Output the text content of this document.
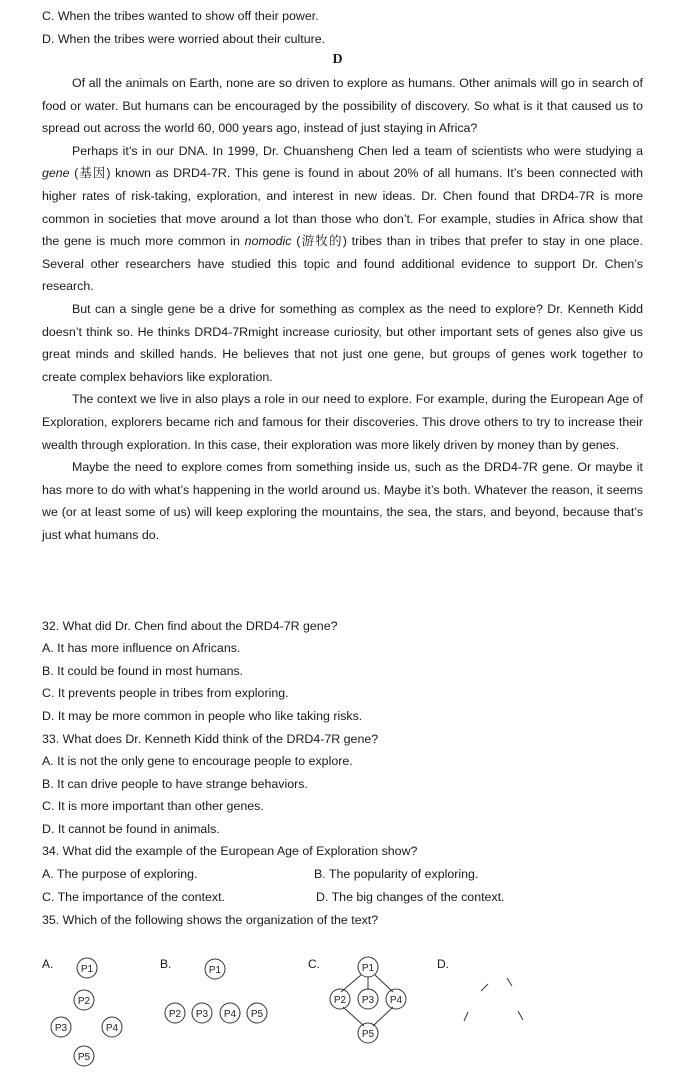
C. When the tribes wanted to show off their power.
D. When the tribes were worried about their culture.
D

Of all the animals on Earth, none are so driven to explore as humans. Other animals will go in search of food or water. But humans can be encouraged by the possibility of discovery. So what is it that caused us to spread out across the world 60, 000 years ago, instead of just staying in Africa?

Perhaps it’s in our DNA. In 1999, Dr. Chuansheng Chen led a team of scientists who were studying a gene (基因) known as DRD4-7R. This gene is found in about 20% of all humans. It’s been connected with higher rates of risk-taking, exploration, and interest in new ideas. Dr. Chen found that DRD4-7R is more common in societies that move around a lot than those who don’t. For example, studies in Africa show that the gene is much more common in nomodic (游牧的) tribes than in tribes that prefer to stay in one place. Several other researchers have studied this topic and found additional evidence to support Dr. Chen’s research.

But can a single gene be a drive for something as complex as the need to explore? Dr. Kenneth Kidd doesn’t think so. He thinks DRD4-7Rmight increase curiosity, but other important sets of genes also give us great minds and skilled hands. He believes that not just one gene, but groups of genes work together to create complex behaviors like exploration.

The context we live in also plays a role in our need to explore. For example, during the European Age of Exploration, explorers became rich and famous for their discoveries. This drove others to try to increase their wealth through exploration. In this case, their exploration was more likely driven by money than by genes.

Maybe the need to explore comes from something inside us, such as the DRD4-7R gene. Or maybe it has more to do with what’s happening in the world around us. Maybe it’s both. Whatever the reason, it seems we (or at least some of us) will keep exploring the mountains, the sea, the stars, and beyond, because that’s just what humans do.

32. What did Dr. Chen find about the DRD4-7R gene?
A. It has more influence on Africans.
B. It could be found in most humans.
C. It prevents people in tribes from exploring.
D. It may be more common in people who like taking risks.
33. What does Dr. Kenneth Kidd think of the DRD4-7R gene?
A. It is not the only gene to encourage people to explore.
B. It can drive people to have strange behaviors.
C. It is more important than other genes.
D. It cannot be found in animals.
34. What did the example of the European Age of Exploration show?
A. The purpose of exploring.	B. The popularity of exploring.
C. The importance of the context.	D. The big changes of the context.
35. Which of the following shows the organization of the text?
A.	B.	C.	D.
P1
P2
P3	P4
P5
P1
P2 P3 P4 P5
P1
P2 P3 P4
P5
